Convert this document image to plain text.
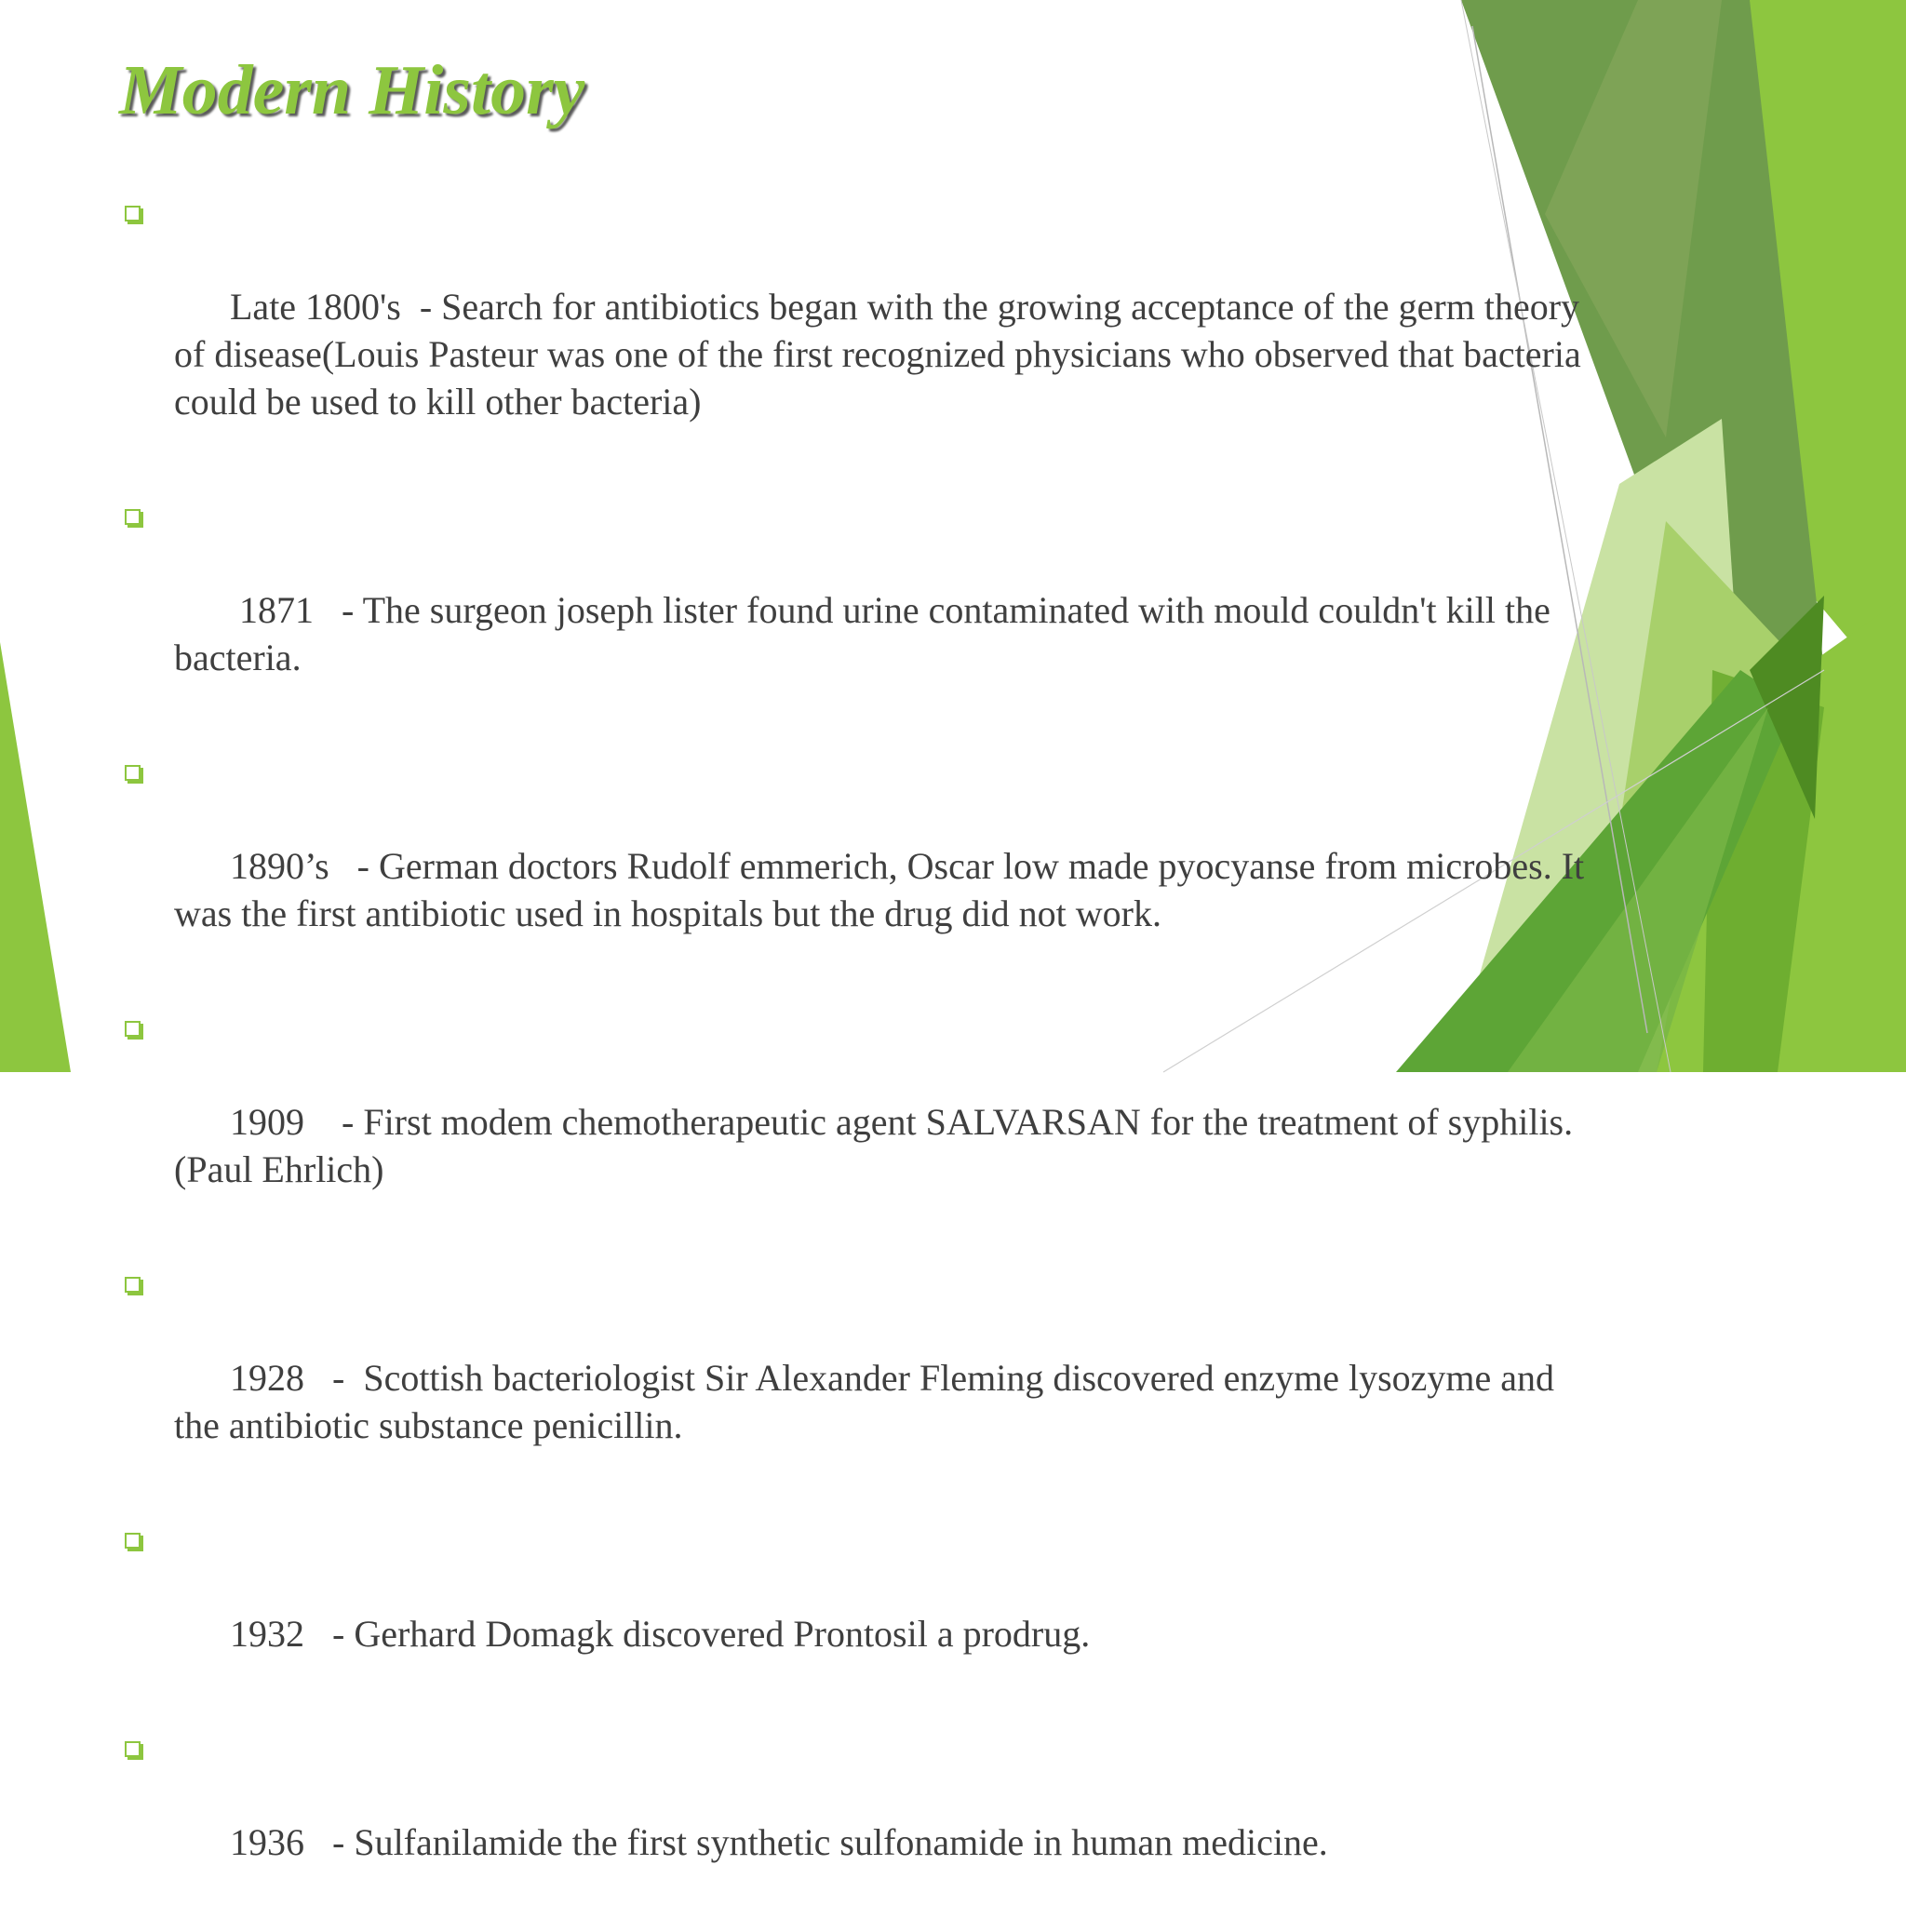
Modern History

Late 1800's  - Search for antibiotics began with the growing acceptance of the germ theory of disease(Louis Pasteur was one of the first recognized physicians who observed that bacteria could be used to kill other bacteria)

1871   - The surgeon joseph lister found urine contaminated with mould couldn't kill the bacteria.

1890’s   - German doctors Rudolf emmerich, Oscar low made pyocyanse from microbes. It was the first antibiotic used in hospitals but the drug did not work.

1909    - First modem chemotherapeutic agent SALVARSAN for the treatment of syphilis. (Paul Ehrlich)

1928   -  Scottish bacteriologist Sir Alexander Fleming discovered enzyme lysozyme and the antibiotic substance penicillin.

1932   - Gerhard Domagk discovered Prontosil a prodrug.

1936   - Sulfanilamide the first synthetic sulfonamide in human medicine.
